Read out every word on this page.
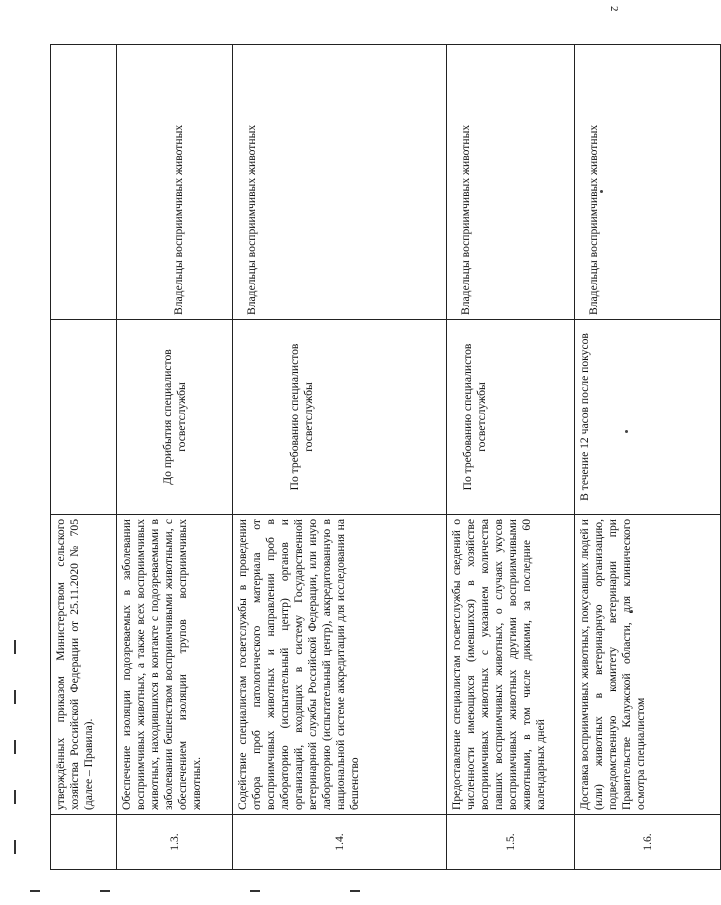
2
	утверждённых приказом Министерством сельского хозяйства Российской Федерации от 25.11.2020 № 705 (далее – Правила).		
1.3.	Обеспечение изоляции подозреваемых в заболевании восприимчивых животных, а также всех восприимчивых животных, находившихся в контакте с подозреваемыми в заболевании бешенством восприимчивыми животными, с обеспечением изоляции трупов восприимчивых животных.	До прибытия специалистов госветслужбы	Владельцы восприимчивых животных
1.4.	Содействие специалистам госветслужбы в проведении отбора проб патологического материала от восприимчивых животных и направлении проб в лабораторию (испытательный центр) органов и организаций, входящих в систему Государственной ветеринарной службы Российской Федерации, или иную лабораторию (испытательный центр), аккредитованную в национальной системе аккредитации для исследования на бешенство	По требованию специалистов госветслужбы	Владельцы восприимчивых животных
1.5.	Предоставление специалистам госветслужбы сведений о численности имеющихся (имевшихся) в хозяйстве восприимчивых животных с указанием количества павших восприимчивых животных, о случаях укусов восприимчивых животных другими восприимчивыми животными, в том числе дикими, за последние 60 календарных дней	По требованию специалистов госветслужбы	Владельцы восприимчивых животных
1.6.	Доставка восприимчивых животных, покусавших людей и (или) животных в ветеринарную организацию, подведомственную комитету ветеринарии при Правительстве Калужской области, для клинического осмотра специалистом	В течение 12 часов после покусов	Владельцы восприимчивых животных
